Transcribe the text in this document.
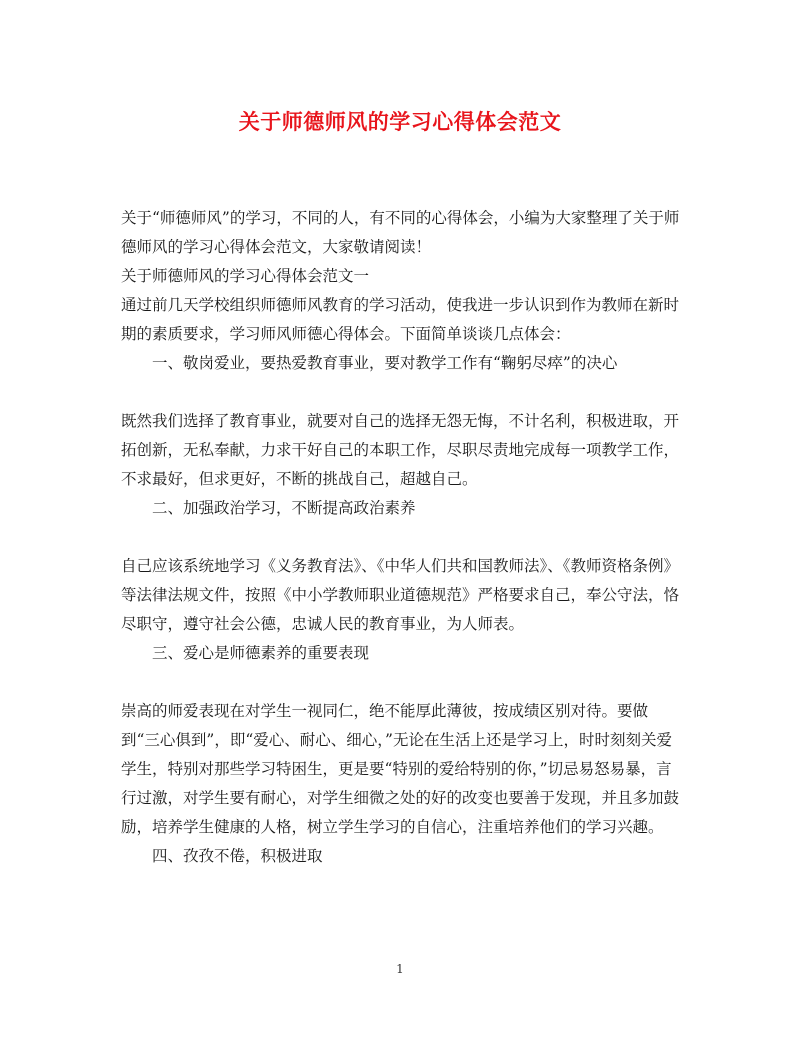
关于师德师风的学习心得体会范文

关于“师德师风”的学习，不同的人，有不同的心得体会，小编为大家整理了关于师德师风的学习心得体会范文，大家敬请阅读！

关于师德师风的学习心得体会范文一

通过前几天学校组织师德师风教育的学习活动，使我进一步认识到作为教师在新时期的素质要求，学习师风师德心得体会。下面简单谈谈几点体会：

一、敬岗爱业，要热爱教育事业，要对教学工作有“鞠躬尽瘁”的决心

既然我们选择了教育事业，就要对自己的选择无怨无悔，不计名利，积极进取，开拓创新，无私奉献，力求干好自己的本职工作，尽职尽责地完成每一项教学工作，不求最好，但求更好，不断的挑战自己，超越自己。

二、加强政治学习，不断提高政治素养

自己应该系统地学习《义务教育法》、《中华人们共和国教师法》、《教师资格条例》等法律法规文件，按照《中小学教师职业道德规范》严格要求自己，奉公守法，恪尽职守，遵守社会公德，忠诚人民的教育事业，为人师表。

三、爱心是师德素养的重要表现

崇高的师爱表现在对学生一视同仁，绝不能厚此薄彼，按成绩区别对待。要做到“三心俱到”，即“爱心、耐心、细心，”无论在生活上还是学习上，时时刻刻关爱学生，特别对那些学习特困生，更是要“特别的爱给特别的你，”切忌易怒易暴，言行过激，对学生要有耐心，对学生细微之处的好的改变也要善于发现，并且多加鼓励，培养学生健康的人格，树立学生学习的自信心，注重培养他们的学习兴趣。

四、孜孜不倦，积极进取

1
